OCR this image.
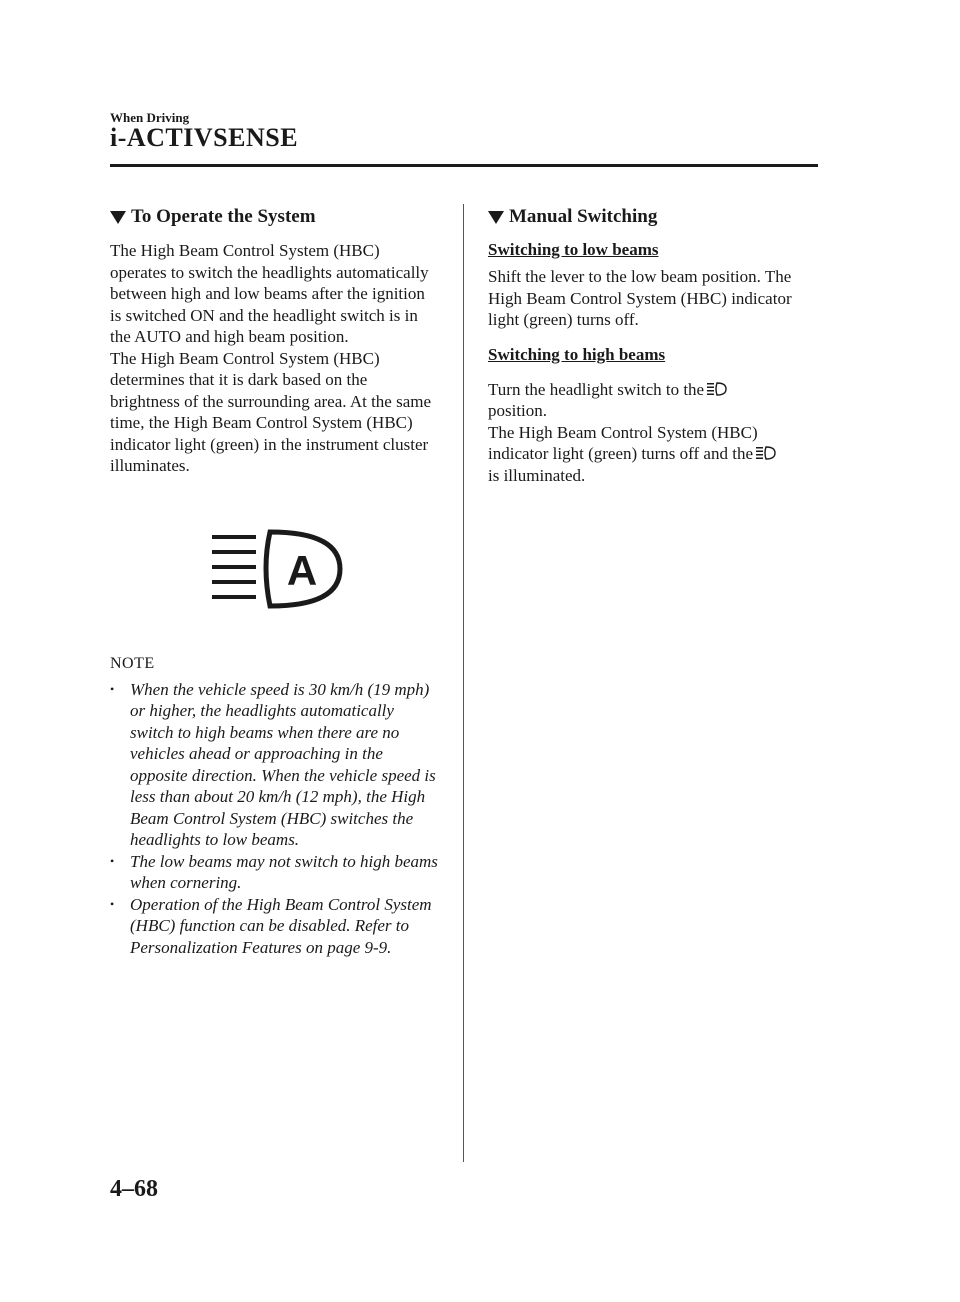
When Driving
i-ACTIVSENSE
To Operate the System

The High Beam Control System (HBC) operates to switch the headlights automatically between high and low beams after the ignition is switched ON and the headlight switch is in the AUTO and high beam position.

The High Beam Control System (HBC) determines that it is dark based on the brightness of the surrounding area. At the same time, the High Beam Control System (HBC) indicator light (green) in the instrument cluster illuminates.

A
NOTE
• When the vehicle speed is 30 km/h (19 mph) or higher, the headlights automatically switch to high beams when there are no vehicles ahead or approaching in the opposite direction. When the vehicle speed is less than about 20 km/h (12 mph), the High Beam Control System (HBC) switches the headlights to low beams.
• The low beams may not switch to high beams when cornering.
• Operation of the High Beam Control System (HBC) function can be disabled. Refer to Personalization Features on page 9-9.
Manual Switching
Switching to low beams

Shift the lever to the low beam position. The High Beam Control System (HBC) indicator light (green) turns off.

Switching to high beams

Turn the headlight switch to the
position.
The High Beam Control System (HBC) indicator light (green) turns off and the
is illuminated.

4–68
